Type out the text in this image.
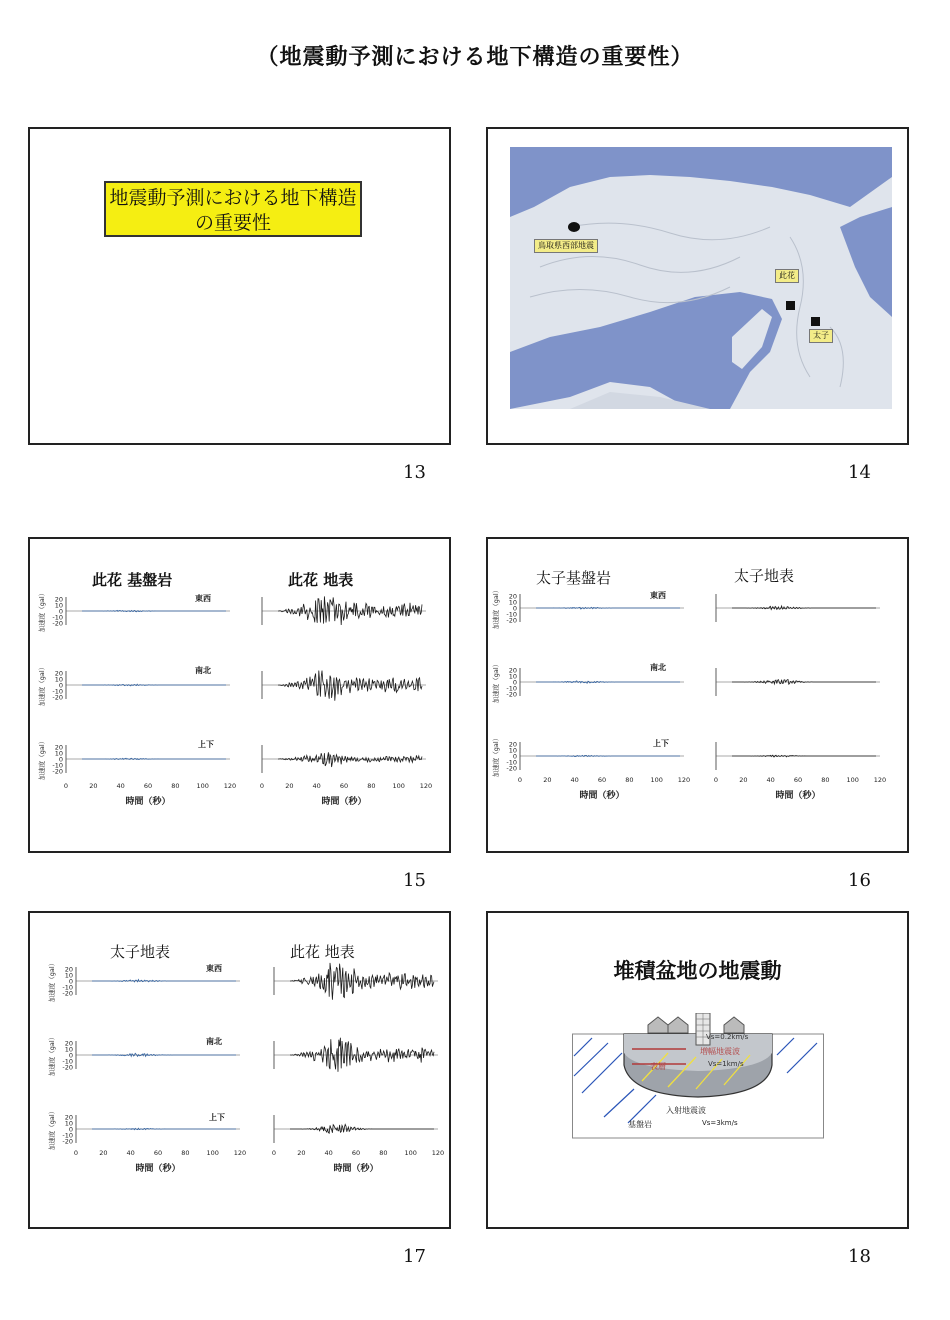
（地震動予測における地下構造の重要性）
地震動予測における地下構造の重要性
13
鳥取県西部地震
此花
太子
14
此花 基盤岩	此花 地表
20
10
0
-10
-20
加速度（gal）
20
10
0
-10
-20
加速度（gal）
20
10
0
-10
-20
加速度（gal）
0	20	40	60	80	100 120
時間（秒）
0	20	40	60	80	100 120
時間（秒）
東西
南北
上下
15
太子基盤岩	太子地表
20
10
0
-10
-20
加速度（gal）
20
10
0
-10
-20
加速度（gal）
20
10
0
-10
-20
加速度（gal）
0	20	40	60	80	100 120
時間（秒）
0	20	40	60	80	100 120
時間（秒）
東西
南北
上下
16
太子地表	此花 地表
20
10
0
-10
-20
加速度（gal）
20
10
0
-10
-20
加速度（gal）
20
10
0
-10
-20
加速度（gal）
0	20	40	60	80	100 120
時間（秒）
0	20	40	60	80	100 120
時間（秒）
東西
南北
上下
17
堆積盆地の地震動
Vs=0.2km/s
表層
増幅地震波
Vs=1km/s
入射地震波
基盤岩	Vs=3km/s
18
